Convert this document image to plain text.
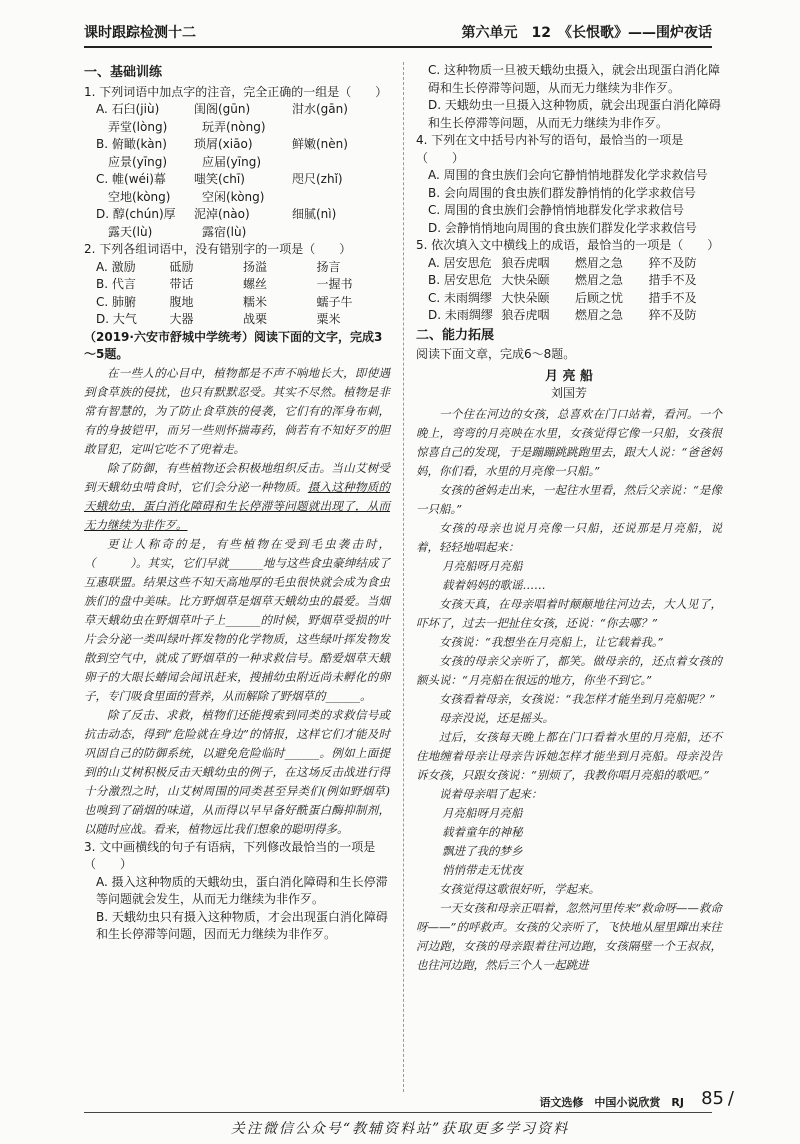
课时跟踪检测十二	第六单元　12　《长恨歌》——围炉夜话
一、基础训练

1. 下列词语中加点字的注音，完全正确的一组是（　　）

A. 石臼(jiù)	闺阁(gūn)	泔水(gān)
弄堂(lòng)	玩弄(nòng)
B. 俯瞰(kàn)	琐屑(xiāo)	鲜嫩(nèn)
应景(yīng)	应届(yīng)
C. 帷(wéi)幕	嗤笑(chī)	咫尺(zhǐ)
空地(kòng)	空闲(kòng)
D. 醇(chún)厚	泥淖(nào)	细腻(nì)
露天(lù)	露宿(lù)

2. 下列各组词语中，没有错别字的一项是（　　）

A. 激励	砥励	扬溢	扬言
B. 代言	带话	螺丝	一握书
C. 肺腑	腹地	糯米	蠕子牛
D. 大气	大器	战栗	粟米

（2019·六安市舒城中学统考）阅读下面的文字，完成3～5题。

在一些人的心目中，植物都是不声不响地长大，即使遇到食草族的侵扰，也只有默默忍受。其实不尽然。植物是非常有智慧的，为了防止食草族的侵袭，它们有的浑身布刺，有的身披铠甲，而另一些则怀揣毒药，倘若有不知好歹的胆敢冒犯，定叫它吃不了兜着走。

除了防御，有些植物还会积极地组织反击。当山艾树受到天蛾幼虫啃食时，它们会分泌一种物质。摄入这种物质的天蛾幼虫，蛋白消化障碍和生长停滞等问题就出现了，从而无力继续为非作歹。

更让人称奇的是，有些植物在受到毛虫袭击时，（　　　）。其实，它们早就______地与这些食虫豪绅结成了互惠联盟。结果这些不知天高地厚的毛虫很快就会成为食虫族们的盘中美味。比方野烟草是烟草天蛾幼虫的最爱。当烟草天蛾幼虫在野烟草叶子上______的时候，野烟草受损的叶片会分泌一类叫绿叶挥发物的化学物质，这些绿叶挥发物发散到空气中，就成了野烟草的一种求救信号。酷爱烟草天蛾卵子的大眼长蝽闻会闻讯赶来，搜捕幼虫附近尚未孵化的卵子，专门吸食里面的营养，从而解除了野烟草的______。

除了反击、求救，植物们还能搜索到同类的求救信号或抗击动态，得到“危险就在身边”的情报，这样它们才能及时巩固自己的防御系统，以避免危险临时______。例如上面提到的山艾树积极反击天蛾幼虫的例子，在这场反击战进行得十分激烈之时，山艾树周围的同类甚至异类们(例如野烟草)也嗅到了硝烟的味道，从而得以早早备好酰蛋白酶抑制剂，以随时应战。看来，植物远比我们想象的聪明得多。

3. 文中画横线的句子有语病，下列修改最恰当的一项是（　　）

A. 摄入这种物质的天蛾幼虫，蛋白消化障碍和生长停滞等问题就会发生，从而无力继续为非作歹。

B. 天蛾幼虫只有摄入这种物质，才会出现蛋白消化障碍和生长停滞等问题，因而无力继续为非作歹。

C. 这种物质一旦被天蛾幼虫摄入，就会出现蛋白消化障碍和生长停滞等问题，从而无力继续为非作歹。

D. 天蛾幼虫一旦摄入这种物质，就会出现蛋白消化障碍和生长停滞等问题，从而无力继续为非作歹。

4. 下列在文中括号内补写的语句，最恰当的一项是（　　）

A. 周围的食虫族们会向它静悄悄地群发化学求救信号

B. 会向周围的食虫族们群发静悄悄的化学求救信号

C. 周围的食虫族们会静悄悄地群发化学求救信号

D. 会静悄悄地向周围的食虫族们群发化学求救信号

5. 依次填入文中横线上的成语，最恰当的一项是（　　）

A. 居安思危 狼吞虎咽	燃眉之急	猝不及防
B. 居安思危 大快朵颐	燃眉之急	措手不及
C. 未雨绸缪 大快朵颐	后顾之忧	措手不及
D. 未雨绸缪 狼吞虎咽	燃眉之急	猝不及防
二、能力拓展

阅读下面文章，完成6～8题。

月 亮 船

刘国芳

一个住在河边的女孩，总喜欢在门口站着，看河。一个晚上，弯弯的月亮映在水里，女孩觉得它像一只船，女孩很惊喜自己的发现，于是蹦蹦跳跳跑里去，跟大人说：“爸爸妈妈，你们看，水里的月亮像一只船。”

女孩的爸妈走出来，一起往水里看，然后父亲说：“是像一只船。”

女孩的母亲也说月亮像一只船，还说那是月亮船，说着，轻轻地唱起来：

月亮船呀月亮船

载着妈妈的歌谣……

女孩天真，在母亲唱着时颠颠地往河边去，大人见了，吓坏了，过去一把扯住女孩，还说：“你去哪？”

女孩说：“我想坐在月亮船上，让它载着我。”

女孩的母亲父亲听了，都笑。做母亲的，还点着女孩的额头说：“月亮船在很远的地方，你坐不到它。”

女孩看着母亲，女孩说：“我怎样才能坐到月亮船呢？”

母亲没说，还是摇头。

过后，女孩每天晚上都在门口看着水里的月亮船，还不住地缠着母亲让母亲告诉她怎样才能坐到月亮船。母亲没告诉女孩，只跟女孩说：“别烦了，我教你唱月亮船的歌吧。”

说着母亲唱了起来：

月亮船呀月亮船

载着童年的神秘

飘进了我的梦乡

悄悄带走无忧夜

女孩觉得这歌很好听，学起来。

一天女孩和母亲正唱着，忽然河里传来“救命呀——救命呀——”的呼救声。女孩的父亲听了，飞快地从屋里蹿出来往河边跑，女孩的母亲跟着往河边跑，女孩隔壁一个王叔叔，也往河边跑，然后三个人一起跳进

语文选修　中国小说欣赏　RJ 85 /
关注微信公众号“教辅资料站”获取更多学习资料
